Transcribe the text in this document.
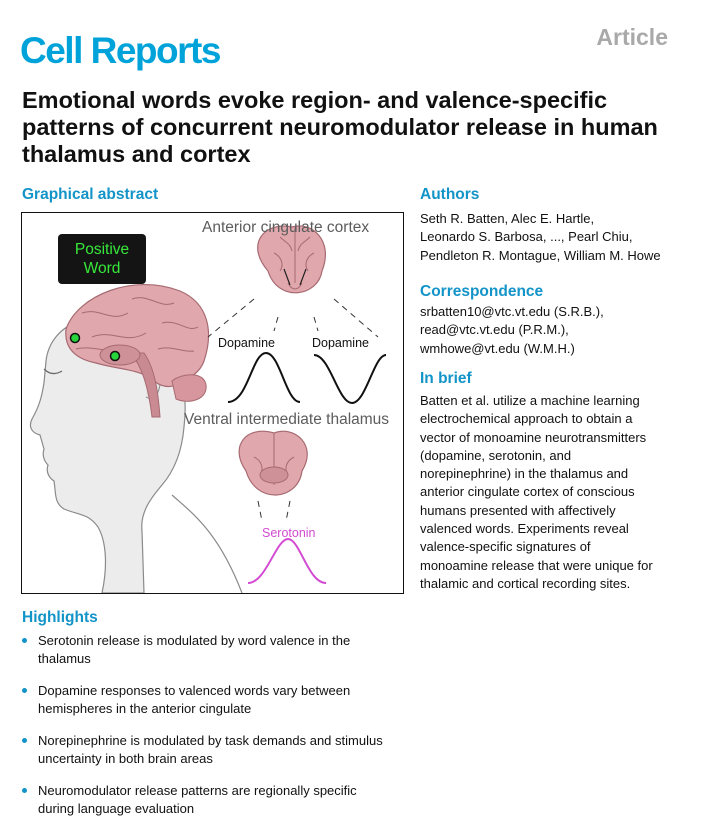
Cell Reports	Article
Emotional words evoke region- and valence-specific patterns of concurrent neuromodulator release in human thalamus and cortex
Graphical abstract
Positive
Word
Anterior cingulate cortex
Ventral intermediate thalamus
Dopamine	Dopamine
Serotonin
Authors
Seth R. Batten, Alec E. Hartle,
Leonardo S. Barbosa, ..., Pearl Chiu,
Pendleton R. Montague, William M. Howe
Correspondence
srbatten10@vtc.vt.edu (S.R.B.),
read@vtc.vt.edu (P.R.M.),
wmhowe@vt.edu (W.M.H.)
In brief
Batten et al. utilize a machine learning
electrochemical approach to obtain a
vector of monoamine neurotransmitters
(dopamine, serotonin, and
norepinephrine) in the thalamus and
anterior cingulate cortex of conscious
humans presented with affectively
valenced words. Experiments reveal
valence-specific signatures of
monoamine release that were unique for
thalamic and cortical recording sites.
Highlights
Serotonin release is modulated by word valence in the
thalamus
Dopamine responses to valenced words vary between
hemispheres in the anterior cingulate
Norepinephrine is modulated by task demands and stimulus
uncertainty in both brain areas
Neuromodulator release patterns are regionally specific
during language evaluation
